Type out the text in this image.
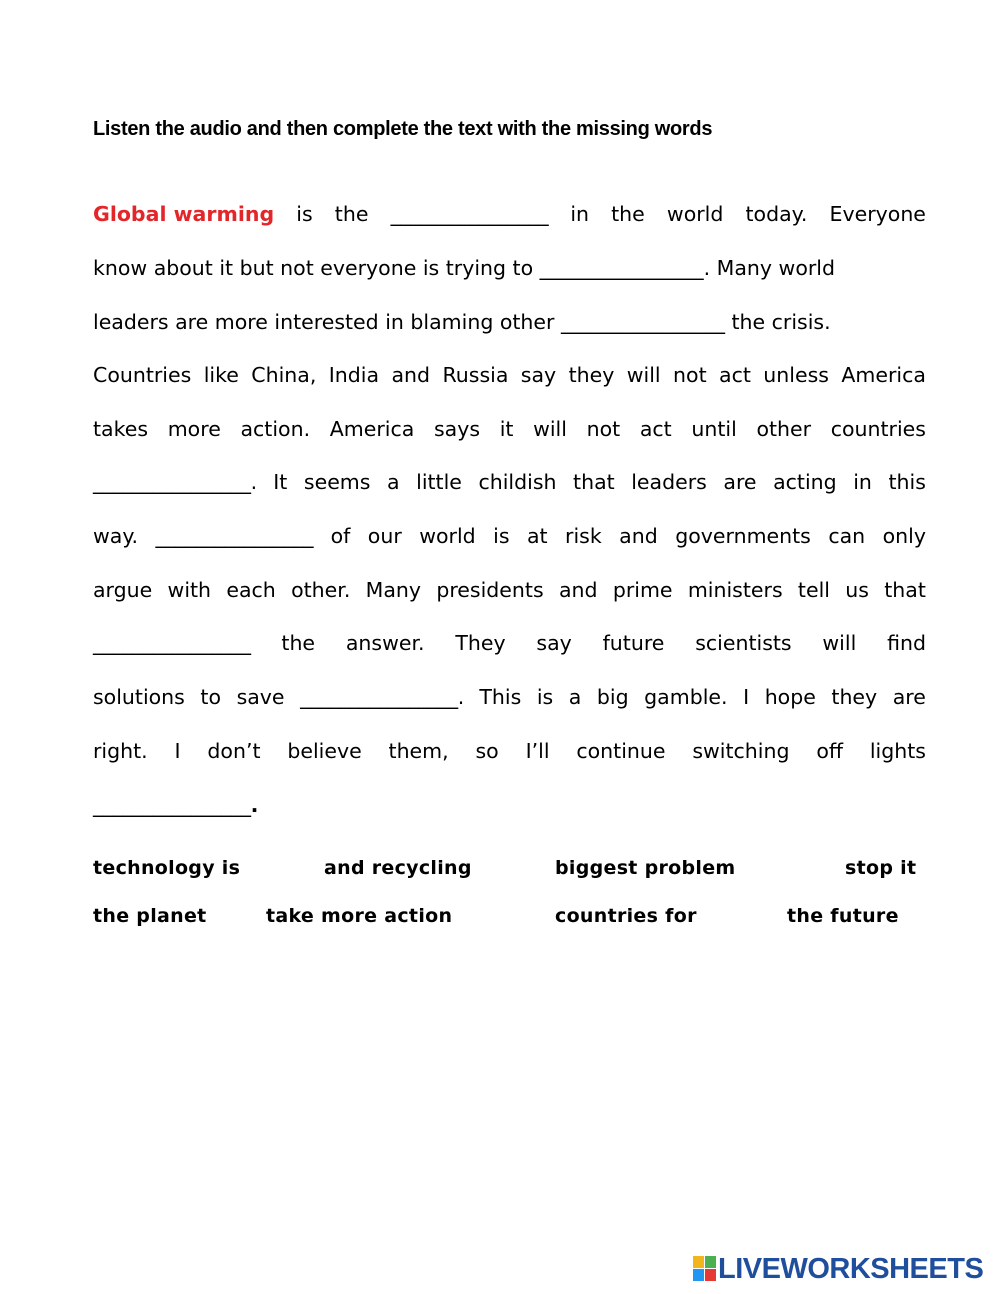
Listen the audio and then complete the text with the missing words
Global warming is the ________________ in the world today. Everyone
know about it but not everyone is trying to ________________. Many world
leaders are more interested in blaming other ________________ the crisis.
Countries like China, India and Russia say they will not act unless America
takes more action. America says it will not act until other countries
________________. It seems a little childish that leaders are acting in this
way. ________________ of our world is at risk and governments can only
argue with each other. Many presidents and prime ministers tell us that
________________ the answer. They say future scientists will find
solutions to save ________________. This is a big gamble. I hope they are
right. I don’t believe them, so I’ll continue switching off lights
________________ .
technology is	and recycling	biggest problem	stop it
the planet	take more action	countries for	the future
LIVEWORKSHEETS
